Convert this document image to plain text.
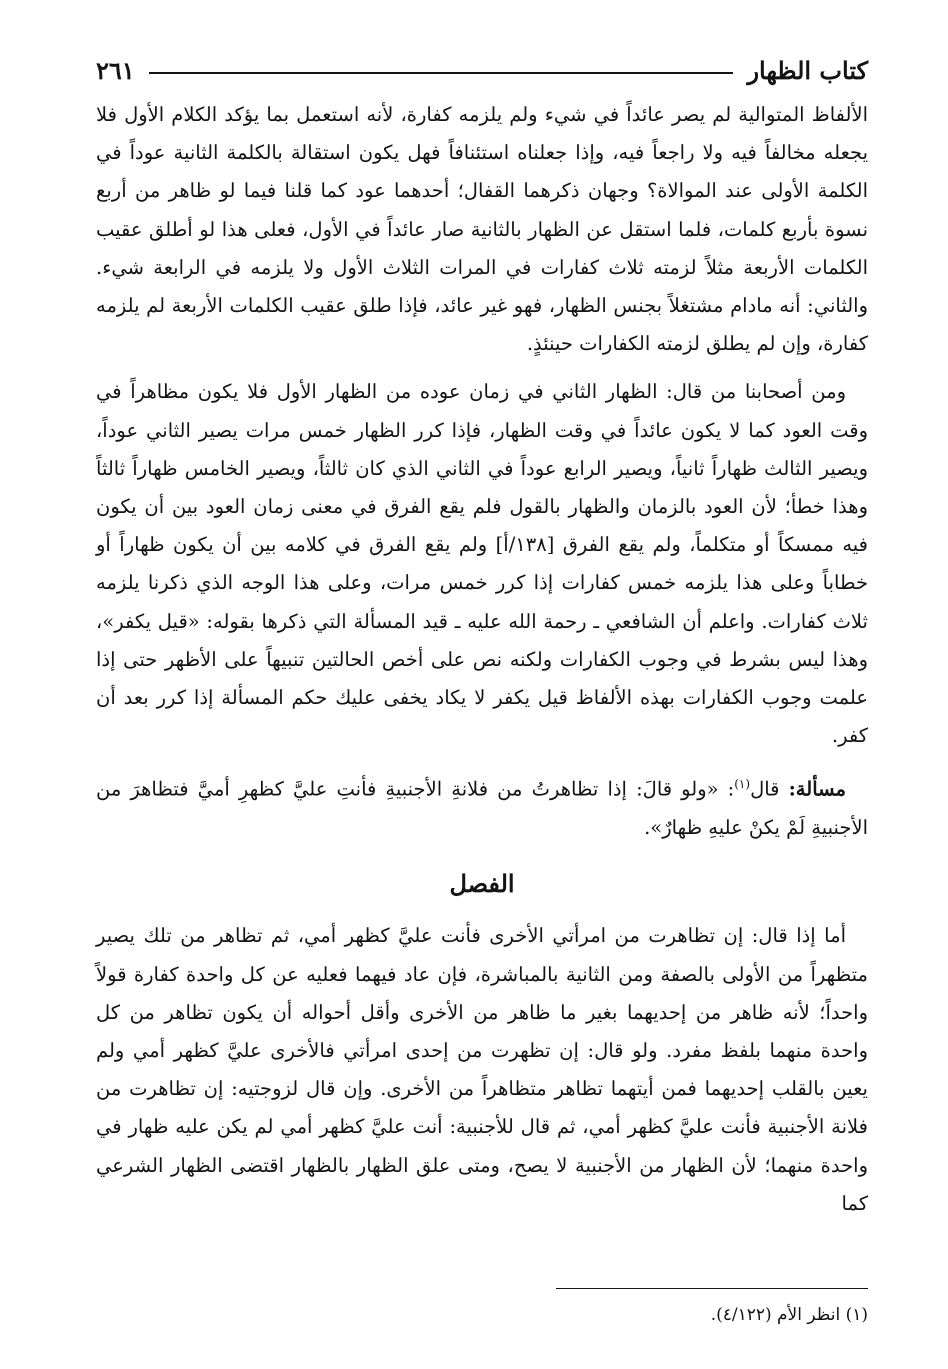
٢٦١	كتاب الظهار

الألفاظ المتوالية لم يصر عائداً في شيء ولم يلزمه كفارة، لأنه استعمل بما يؤكد الكلام الأول فلا يجعله مخالفاً فيه ولا راجعاً فيه، وإذا جعلناه استئنافاً فهل يكون استقالة بالكلمة الثانية عوداً في الكلمة الأولى عند الموالاة؟ وجهان ذكرهما القفال؛ أحدهما عود كما قلنا فيما لو ظاهر من أربع نسوة بأربع كلمات، فلما استقل عن الظهار بالثانية صار عائداً في الأول، فعلى هذا لو أطلق عقيب الكلمات الأربعة مثلاً لزمته ثلاث كفارات في المرات الثلاث الأول ولا يلزمه في الرابعة شيء. والثاني: أنه مادام مشتغلاً بجنس الظهار، فهو غير عائد، فإذا طلق عقيب الكلمات الأربعة لم يلزمه كفارة، وإن لم يطلق لزمته الكفارات حينئذٍ.

ومن أصحابنا من قال: الظهار الثاني في زمان عوده من الظهار الأول فلا يكون مظاهراً في وقت العود كما لا يكون عائداً في وقت الظهار، فإذا كرر الظهار خمس مرات يصير الثاني عوداً، ويصير الثالث ظهاراً ثانياً، ويصير الرابع عوداً في الثاني الذي كان ثالثاً، ويصير الخامس ظهاراً ثالثاً وهذا خطأ؛ لأن العود بالزمان والظهار بالقول فلم يقع الفرق في معنى زمان العود بين أن يكون فيه ممسكاً أو متكلماً، ولم يقع الفرق [١٣٨/أ] ولم يقع الفرق في كلامه بين أن يكون ظهاراً أو خطاباً وعلى هذا يلزمه خمس كفارات إذا كرر خمس مرات، وعلى هذا الوجه الذي ذكرنا يلزمه ثلاث كفارات. واعلم أن الشافعي ـ رحمة الله عليه ـ قيد المسألة التي ذكرها بقوله: «قيل يكفر»، وهذا ليس بشرط في وجوب الكفارات ولكنه نص على أخص الحالتين تنبيهاً على الأظهر حتى إذا علمت وجوب الكفارات بهذه الألفاظ قيل يكفر لا يكاد يخفى عليك حكم المسألة إذا كرر بعد أن كفر.

مسألة: قال$^{(١)}$: «ولو قالَ: إذا تظاهرتُ من فلانةِ الأجنبيةِ فأنتِ عليَّ كظهرِ أميَّ فتظاهرَ من الأجنبيةِ لَمْ يكنْ عليهِ ظهارٌ».

الفصل

أما إذا قال: إن تظاهرت من امرأتي الأخرى فأنت عليَّ كظهر أمي، ثم تظاهر من تلك يصير متظهراً من الأولى بالصفة ومن الثانية بالمباشرة، فإن عاد فيهما فعليه عن كل واحدة كفارة قولاً واحداً؛ لأنه ظاهر من إحديهما بغير ما ظاهر من الأخرى وأقل أحواله أن يكون تظاهر من كل واحدة منهما بلفظ مفرد. ولو قال: إن تظهرت من إحدى امرأتي فالأخرى عليَّ كظهر أمي ولم يعين بالقلب إحديهما فمن أيتهما تظاهر متظاهراً من الأخرى. وإن قال لزوجتيه: إن تظاهرت من فلانة الأجنبية فأنت عليَّ كظهر أمي، ثم قال للأجنبية: أنت عليَّ كظهر أمي لم يكن عليه ظهار في واحدة منهما؛ لأن الظهار من الأجنبية لا يصح، ومتى علق الظهار بالظهار اقتضى الظهار الشرعي كما

(١) انظر الأم (٤/١٢٢).
